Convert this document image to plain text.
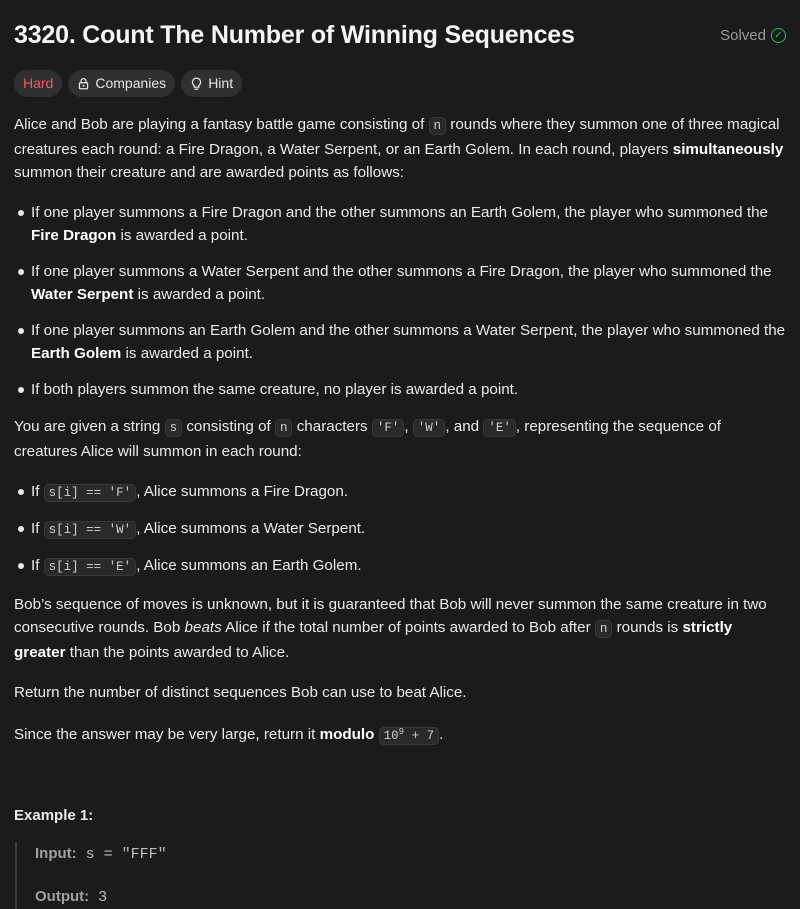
3320. Count The Number of Winning Sequences	Solved ✓
Hard	Companies	Hint

Alice and Bob are playing a fantasy battle game consisting of n rounds where they summon one of three magical creatures each round: a Fire Dragon, a Water Serpent, or an Earth Golem. In each round, players simultaneously summon their creature and are awarded points as follows:

If one player summons a Fire Dragon and the other summons an Earth Golem, the player who summoned the Fire Dragon is awarded a point.
If one player summons a Water Serpent and the other summons a Fire Dragon, the player who summoned the Water Serpent is awarded a point.
If one player summons an Earth Golem and the other summons a Water Serpent, the player who summoned the Earth Golem is awarded a point.
If both players summon the same creature, no player is awarded a point.

You are given a string s consisting of n characters 'F' , 'W' , and 'E' , representing the sequence of creatures Alice will summon in each round:

If s[i] == 'F' , Alice summons a Fire Dragon.
If s[i] == 'W' , Alice summons a Water Serpent.
If s[i] == 'E' , Alice summons an Earth Golem.

Bob’s sequence of moves is unknown, but it is guaranteed that Bob will never summon the same creature in two consecutive rounds. Bob beats Alice if the total number of points awarded to Bob after n rounds is strictly greater than the points awarded to Alice.

Return the number of distinct sequences Bob can use to beat Alice.

Since the answer may be very large, return it modulo $10^9 + 7$ .

Example 1:
Input: s = "FFF"
Output: 3
